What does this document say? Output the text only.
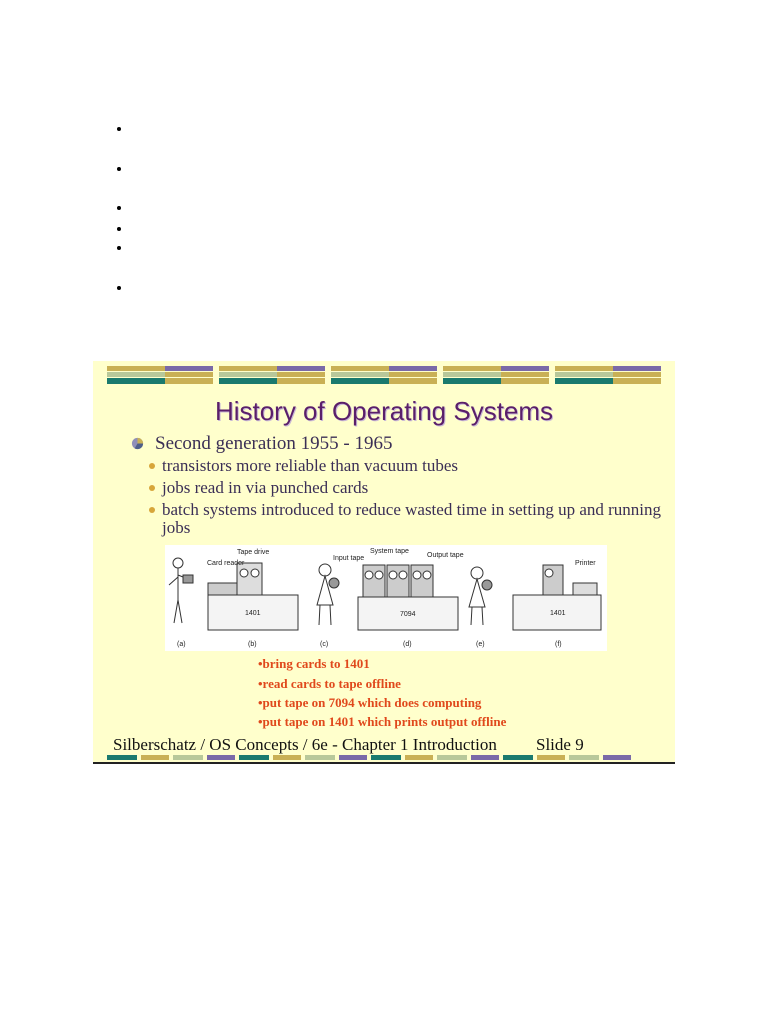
History of Operating Systems
Second generation 1955 - 1965
transistors more reliable than vacuum tubes
jobs read in via punched cards
batch systems introduced to reduce wasted time in setting up and running jobs
1401
Card reader
Tape drive
Input tape
7094
System tape
Output tape
1401
Printer
(a)	(b)	(c)	(d)	(e)	(f)
•bring cards to 1401
•read cards to tape offline
•put tape on 7094 which does computing
•put tape on 1401 which prints output offline
Silberschatz / OS Concepts / 6e - Chapter 1 Introduction Slide 9
